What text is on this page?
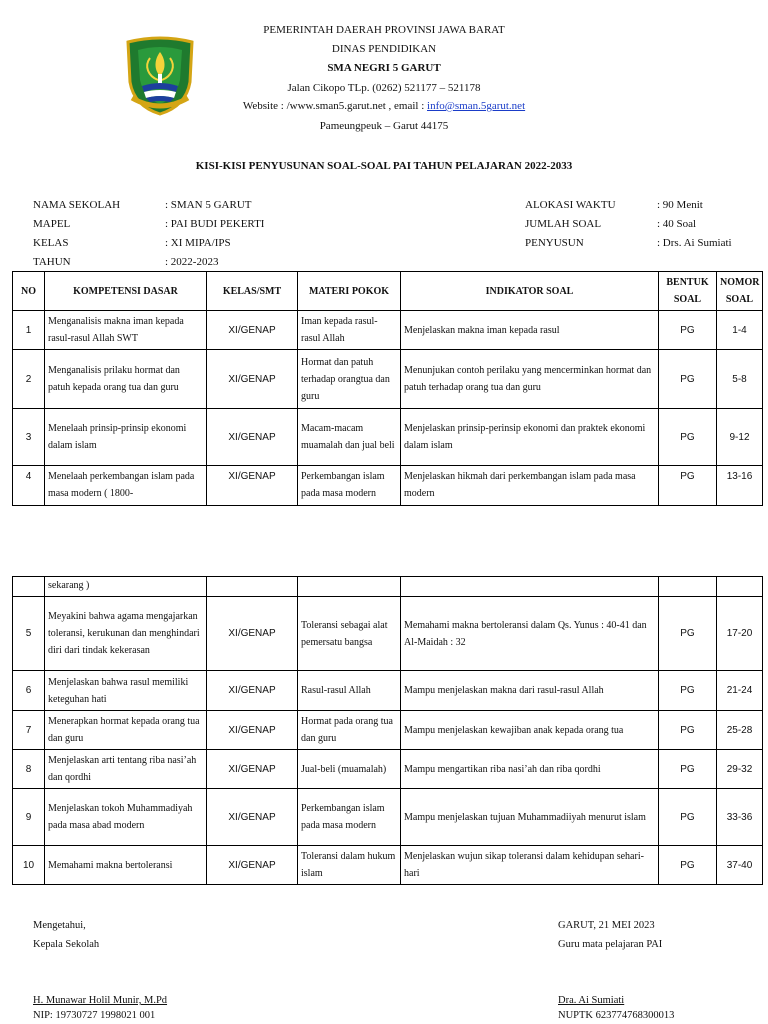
PEMERINTAH DAERAH PROVINSI JAWA BARAT
DINAS PENDIDIKAN
SMA NEGRI 5 GARUT
Jalan Cikopo TLp. (0262) 521177 – 521178
Website : /www.sman5.garut.net , email : info@sman.5garut.net
Pameungpeuk – Garut 44175
KISI-KISI PENYUSUNAN SOAL-SOAL PAI TAHUN PELAJARAN 2022-2033
NAMA SEKOLAH	: SMAN 5 GARUT
MAPEL	: PAI BUDI PEKERTI
KELAS	: XI MIPA/IPS
TAHUN	: 2022-2023
ALOKASI WAKTU	: 90 Menit
JUMLAH SOAL	: 40 Soal
PENYUSUN	: Drs. Ai Sumiati
NO	KOMPETENSI DASAR	KELAS/SMT	MATERI POKOK	INDIKATOR SOAL	BENTUK SOAL	NOMOR SOAL
1	Menganalisis makna iman kepada rasul-rasul Allah SWT	XI/GENAP	Iman kepada rasul-rasul Allah	Menjelaskan makna iman kepada rasul	PG	1-4
2	Menganalisis prilaku hormat dan patuh kepada orang tua dan guru	XI/GENAP	Hormat dan patuh terhadap orangtua dan guru	Menunjukan contoh perilaku yang mencerminkan hormat dan patuh terhadap orang tua dan guru	PG	5-8
3	Menelaah prinsip-prinsip ekonomi dalam islam	XI/GENAP	Macam-macam muamalah dan jual beli	Menjelaskan prinsip-perinsip ekonomi dan praktek ekonomi dalam islam	PG	9-12
4	Menelaah perkembangan islam pada masa modern ( 1800-	XI/GENAP	Perkembangan islam pada masa modern	Menjelaskan hikmah dari perkembangan islam pada masa modern	PG	13-16
	sekarang )					
5	Meyakini bahwa agama mengajarkan toleransi, kerukunan dan menghindari diri dari tindak kekerasan	XI/GENAP	Toleransi sebagai alat pemersatu bangsa	Memahami makna bertoleransi dalam Qs. Yunus : 40-41 dan Al-Maidah : 32	PG	17-20
6	Menjelaskan bahwa rasul memiliki keteguhan hati	XI/GENAP	Rasul-rasul Allah	Mampu menjelaskan makna dari rasul-rasul Allah	PG	21-24
7	Menerapkan hormat kepada orang tua dan guru	XI/GENAP	Hormat pada orang tua dan guru	Mampu menjelaskan kewajiban anak kepada orang tua	PG	25-28
8	Menjelaskan arti tentang riba nasi’ah dan qordhi	XI/GENAP	Jual-beli (muamalah)	Mampu mengartikan riba nasi’ah dan riba qordhi	PG	29-32
9	Menjelaskan tokoh Muhammadiyah pada masa abad modern	XI/GENAP	Perkembangan islam pada masa modern	Mampu menjelaskan tujuan Muhammadiiyah menurut islam	PG	33-36
10	Memahami makna bertoleransi	XI/GENAP	Toleransi dalam hukum islam	Menjelaskan wujun sikap toleransi dalam kehidupan sehari-hari	PG	37-40
Mengetahui,
Kepala Sekolah
H. Munawar Holil Munir, M.Pd
NIP: 19730727 1998021 001
GARUT, 21 MEI 2023
Guru mata pelajaran PAI
Dra. Ai Sumiati
NUPTK 623774768300013
